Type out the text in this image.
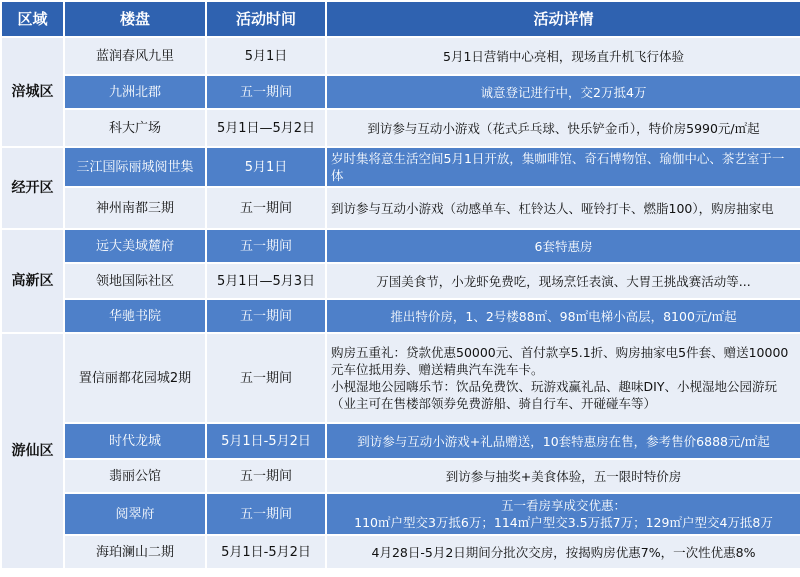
区域	楼盘	活动时间	活动详情
涪城区	蓝润春风九里	5月1日	5月1日营销中心亮相，现场直升机飞行体验
	九洲北郡	五一期间	诚意登记进行中，交2万抵4万
	科大广场	5月1日—5月2日	到访参与互动小游戏（花式乒乓球、快乐铲金币），特价房5990元/㎡起
经开区	三江国际丽城阅世集	5月1日	岁时集将意生活空间5月1日开放，集咖啡馆、奇石博物馆、瑜伽中心、茶艺室于一体
	神州南都三期	五一期间	到访参与互动小游戏（动感单车、杠铃达人、哑铃打卡、燃脂100），购房抽家电
高新区	远大美域麓府	五一期间	6套特惠房
	领地国际社区	5月1日—5月3日	万国美食节，小龙虾免费吃，现场烹饪表演、大胃王挑战赛活动等...
	华驰书院	五一期间	推出特价房，1、2号楼88㎡、98㎡电梯小高层，8100元/㎡起
游仙区	置信丽都花园城2期	五一期间	购房五重礼：贷款优惠50000元、首付款享5.1折、购房抽家电5件套、赠送10000元车位抵用券、赠送精典汽车洗车卡。
小枧湿地公园嗨乐节：饮品免费饮、玩游戏赢礼品、趣味DIY、小枧湿地公园游玩（业主可在售楼部领券免费游船、骑自行车、开碰碰车等）

	时代龙城	5月1日-5月2日	到访参与互动小游戏+礼品赠送，10套特惠房在售，参考售价6888元/㎡起
	翡丽公馆	五一期间	到访参与抽奖+美食体验，五一限时特价房
	阅翠府	五一期间	五一看房享成交优惠：
110㎡户型交3万抵6万；114㎡户型交3.5万抵7万；129㎡户型交4万抵8万

	海珀澜山二期	5月1日-5月2日	4月28日-5月2日期间分批次交房，按揭购房优惠7%，一次性优惠8%
